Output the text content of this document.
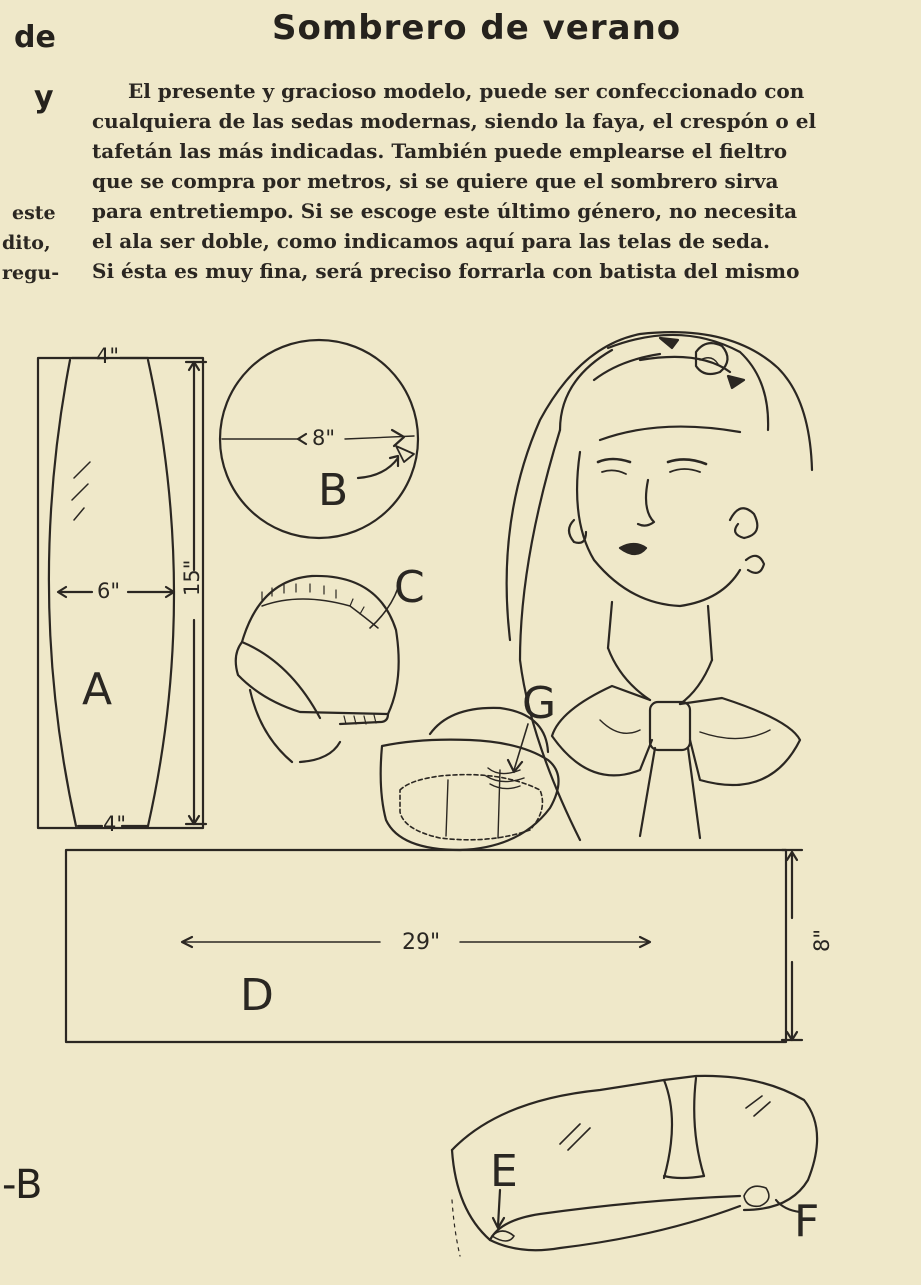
Sombrero de verano
de
y
este
dito,
regu-
-B
El presente y gracioso modelo, puede ser confeccionado con
cualquiera de las sedas modernas, siendo la faya, el crespón o el
tafetán las más indicadas. También puede emplearse el fieltro
que se compra por metros, si se quiere que el sombrero sirva
para entretiempo. Si se escoge este último género, no necesita
el ala ser doble, como indicamos aquí para las telas de seda.
Si ésta es muy fina, será preciso forrarla con batista del mismo
4"
6"	15"
4"
A
8"
B
C
G
29"	8"
D
E
F
